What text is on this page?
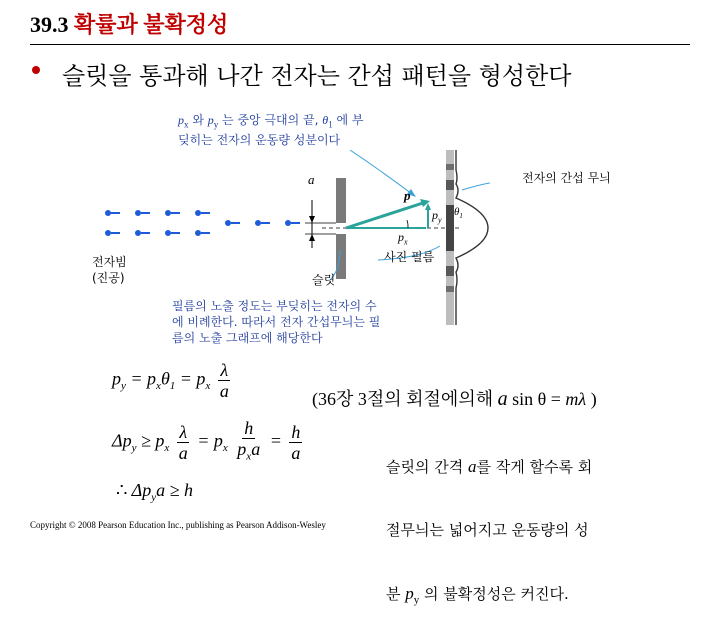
39.3 확률과 불확정성
슬릿을 통과해 나간 전자는 간섭 패턴을 형성한다
$p_x$ 와 $p_y$ 는 중앙 극대의 끝, $\theta_1$ 에 부
딪히는 전자의 운동량 성분이다
a
p
$p_x$
$p_y$
$\theta_1$
전자의 간섭 무늬
사진 필름
전자빔
(진공)	슬릿
필름의 노출 정도는 부딪히는 전자의 수
에 비례한다. 따라서 전자 간섭무늬는 필
름의 노출 그래프에 해당한다
$p_y = p_x\theta_1 = p_x \frac{\lambda}{a}$	(36장 3절의 회절에의해 a sin θ = mλ )
$\Delta p_y \ge p_x \frac{\lambda}{a} = p_x \frac{h}{p_xa} = \frac{h}{a}$
∴ $\Delta p_ya \ge h$

슬릿의 간격 a를 작게 할수록 회

절무늬는 넓어지고 운동량의 성

분 $p_y$ 의 불확정성은 커진다.

Copyright © 2008 Pearson Education Inc., publishing as Pearson Addison-Wesley
